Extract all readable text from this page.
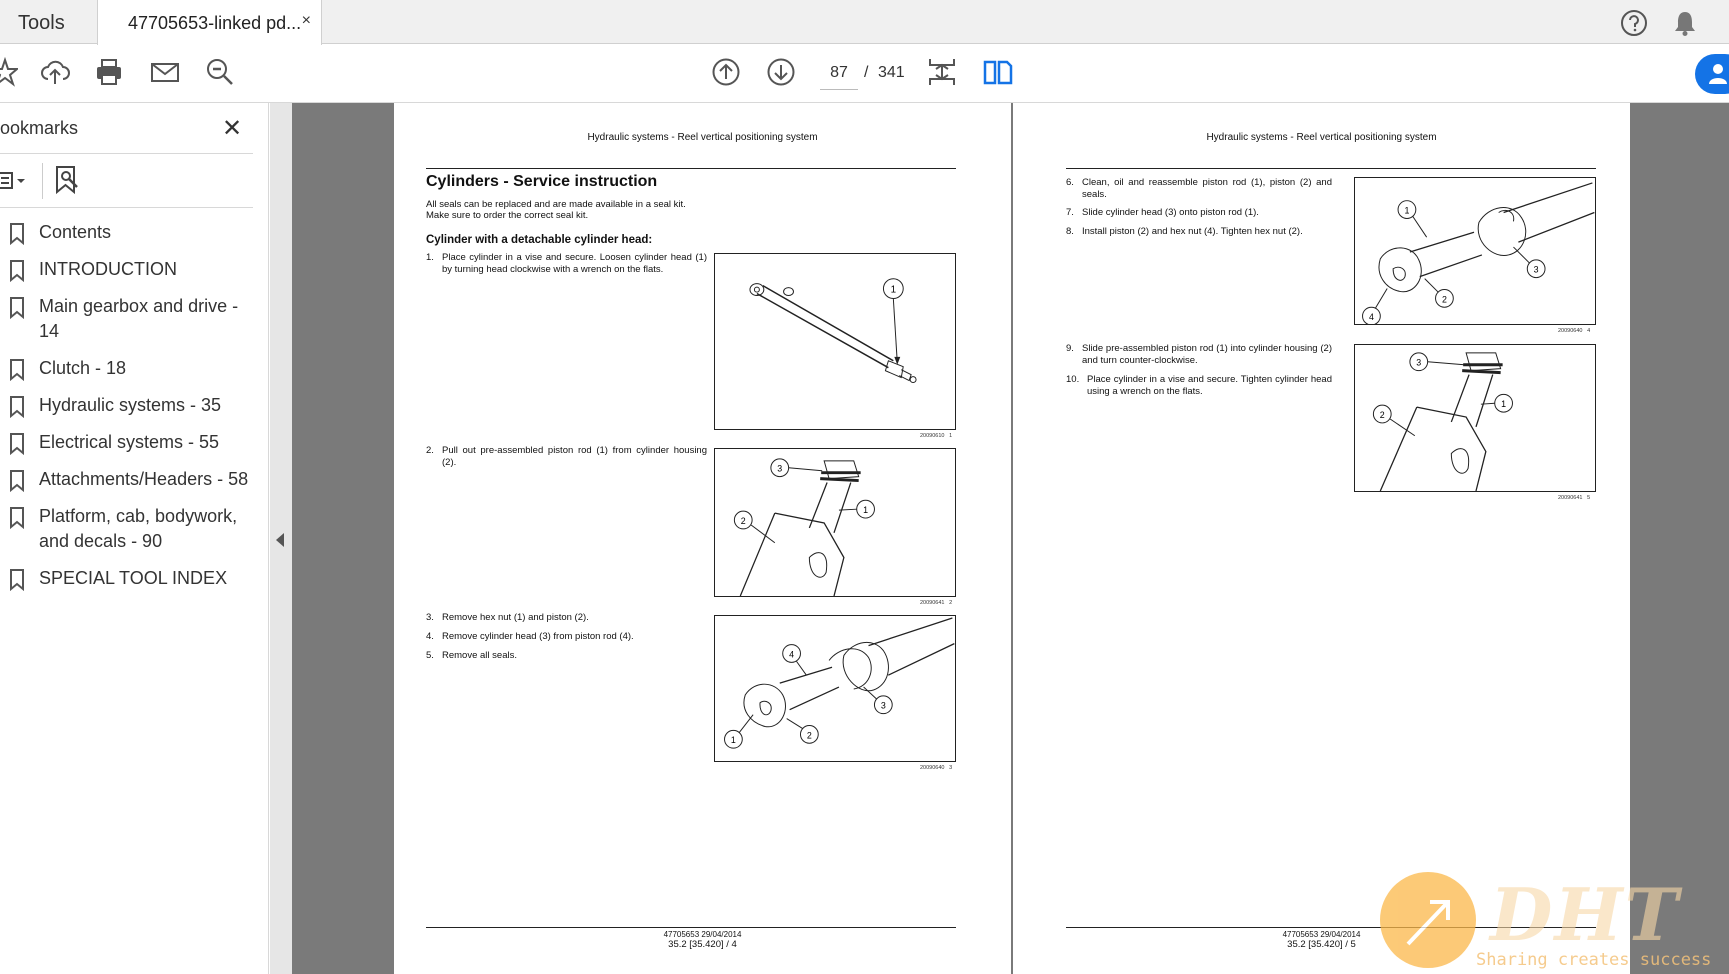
Tools	47705653-linked pd... ×
87	/ 341
ookmarks	✕
Contents
INTRODUCTION
Main gearbox and drive - 14
Clutch - 18
Hydraulic systems - 35
Electrical systems - 55
Attachments/Headers - 58
Platform, cab, bodywork, and decals - 90
SPECIAL TOOL INDEX
Hydraulic systems - Reel vertical positioning system
Cylinders - Service instruction
All seals can be replaced and are made available in a seal kit.
Make sure to order the correct seal kit.
Cylinder with a detachable cylinder head:
1. Place cylinder in a vise and secure. Loosen cylinder head (1) by turning head clockwise with a wrench on the flats.
2. Pull out pre-assembled piston rod (1) from cylinder housing (2).
3. Remove hex nut (1) and piston (2).
4. Remove cylinder head (3) from piston rod (4).
5. Remove all seals.
1
20090610 1
3
1
2
20090641 2
4
3
2
1
20090640 3
47705653 29/04/2014
35.2 [35.420] / 4
Hydraulic systems - Reel vertical positioning system
6. Clean, oil and reassemble piston rod (1), piston (2) and seals.
7. Slide cylinder head (3) onto piston rod (1).
8. Install piston (2) and hex nut (4). Tighten hex nut (2).
9. Slide pre-assembled piston rod (1) into cylinder housing (2) and turn counter-clockwise.
10. Place cylinder in a vise and secure. Tighten cylinder head using a wrench on the flats.
1
3
2
4
20090640 4
3
1
2
20090641 5
47705653 29/04/2014
35.2 [35.420] / 5	DHT
Sharing creates success
